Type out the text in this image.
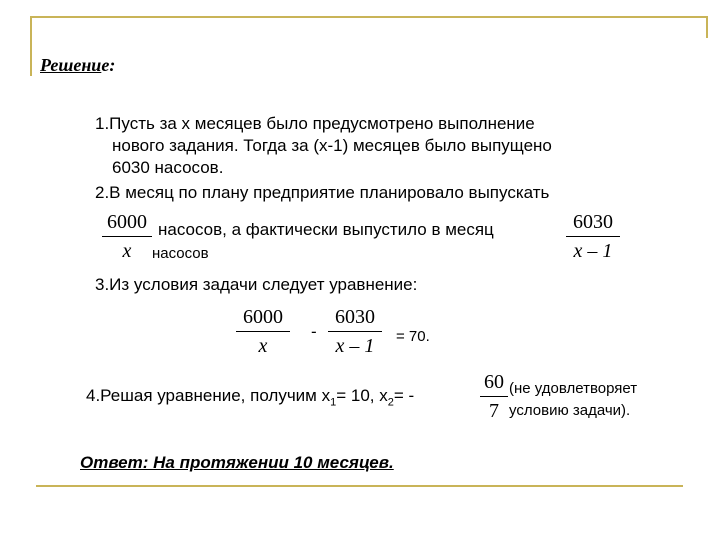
Решение:
1.Пусть за х месяцев было предусмотрено выполнение
нового задания. Тогда за (х-1) месяцев было выпущено
6030 насосов.
2.В месяц по плану предприятие планировало выпускать
6000
x
насосов, а фактически выпустило в месяц
насосов
6030
x – 1
3.Из условия задачи следует уравнение:
6000
x
-
6030
x – 1	= 70.
4.Решая уравнение, получим $х_1= 10$, $х_2=$ -
60
7
(не удовлетворяет
условию задачи).
Ответ: На протяжении 10 месяцев.
